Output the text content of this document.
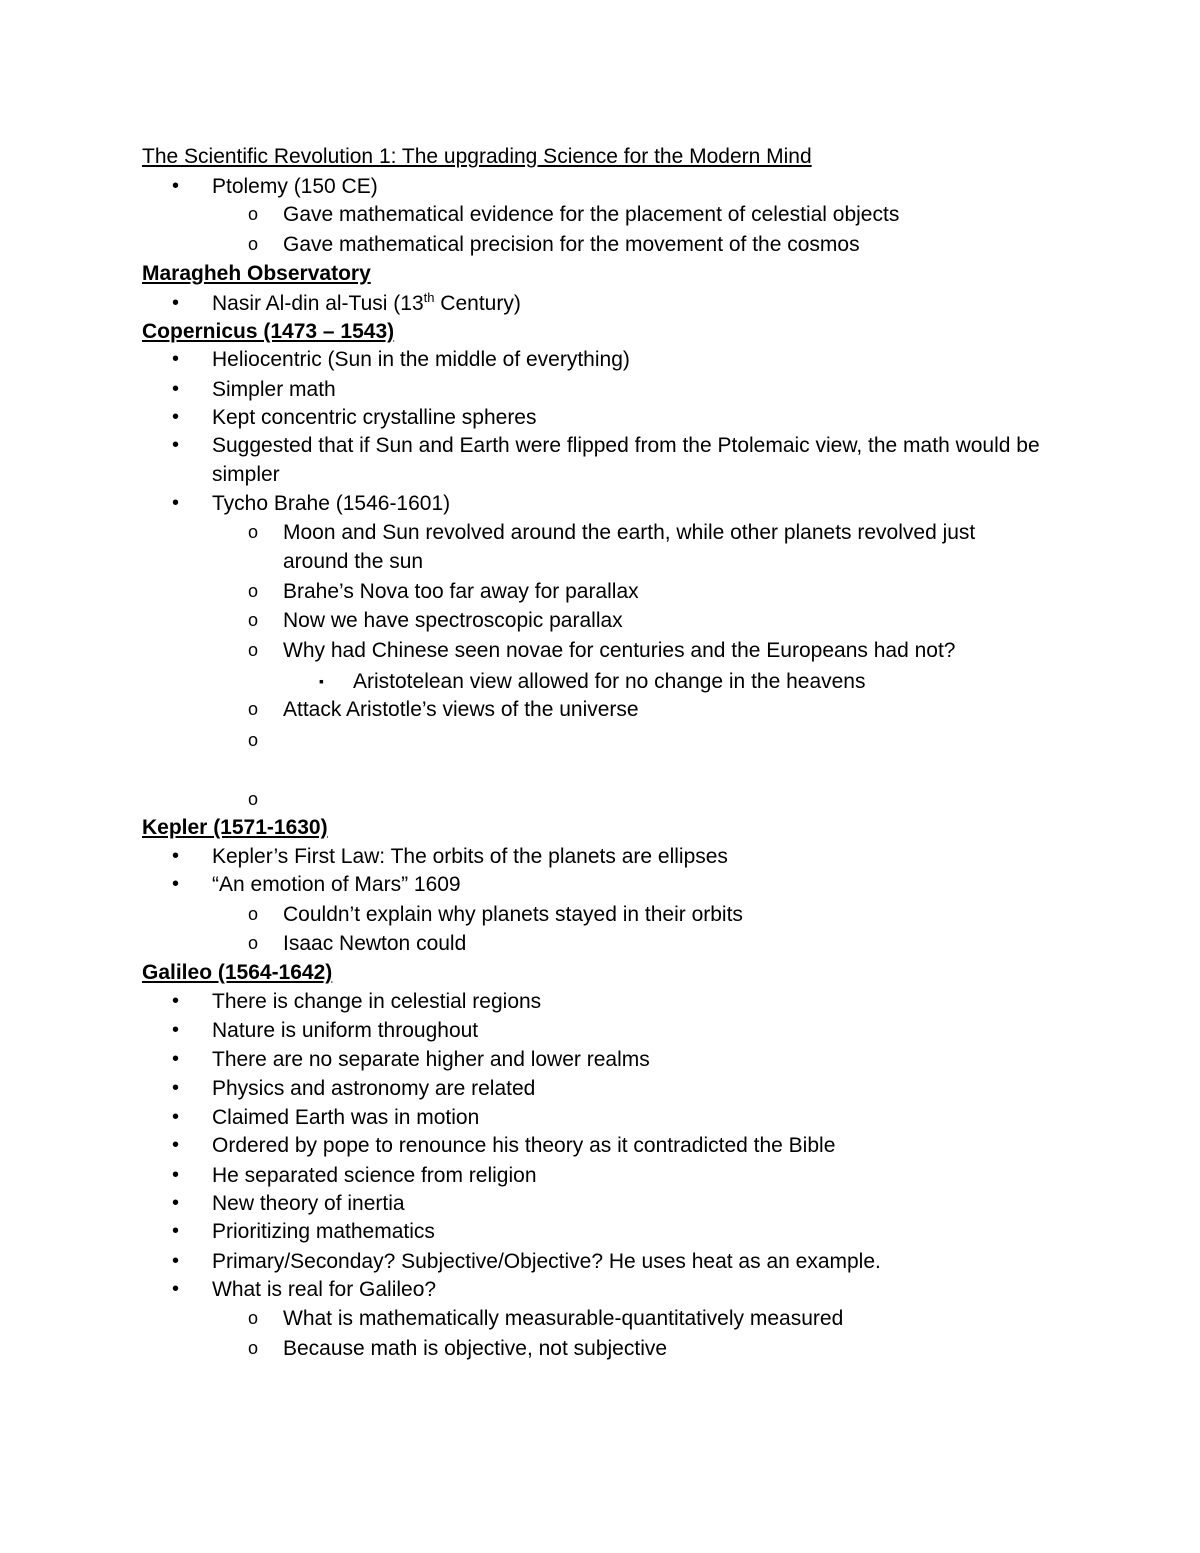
The Scientific Revolution 1: The upgrading Science for the Modern Mind
• Ptolemy (150 CE)
o Gave mathematical evidence for the placement of celestial objects
o Gave mathematical precision for the movement of the cosmos
Maragheh Observatory
• Nasir Al-din al-Tusi (13th Century)
Copernicus (1473 – 1543)
• Heliocentric (Sun in the middle of everything)
• Simpler math
• Kept concentric crystalline spheres
• Suggested that if Sun and Earth were flipped from the Ptolemaic view, the math would be simpler
• Tycho Brahe (1546-1601)
o Moon and Sun revolved around the earth, while other planets revolved just around the sun
o Brahe’s Nova too far away for parallax
o Now we have spectroscopic parallax
o Why had Chinese seen novae for centuries and the Europeans had not?
▪ Aristotelean view allowed for no change in the heavens
o Attack Aristotle’s views of the universe
o
o
Kepler (1571-1630)
• Kepler’s First Law: The orbits of the planets are ellipses
• “An emotion of Mars” 1609
o Couldn’t explain why planets stayed in their orbits
o Isaac Newton could
Galileo (1564-1642)
• There is change in celestial regions
• Nature is uniform throughout
• There are no separate higher and lower realms
• Physics and astronomy are related
• Claimed Earth was in motion
• Ordered by pope to renounce his theory as it contradicted the Bible
• He separated science from religion
• New theory of inertia
• Prioritizing mathematics
• Primary/Seconday? Subjective/Objective? He uses heat as an example.
• What is real for Galileo?
o What is mathematically measurable-quantitatively measured
o Because math is objective, not subjective
